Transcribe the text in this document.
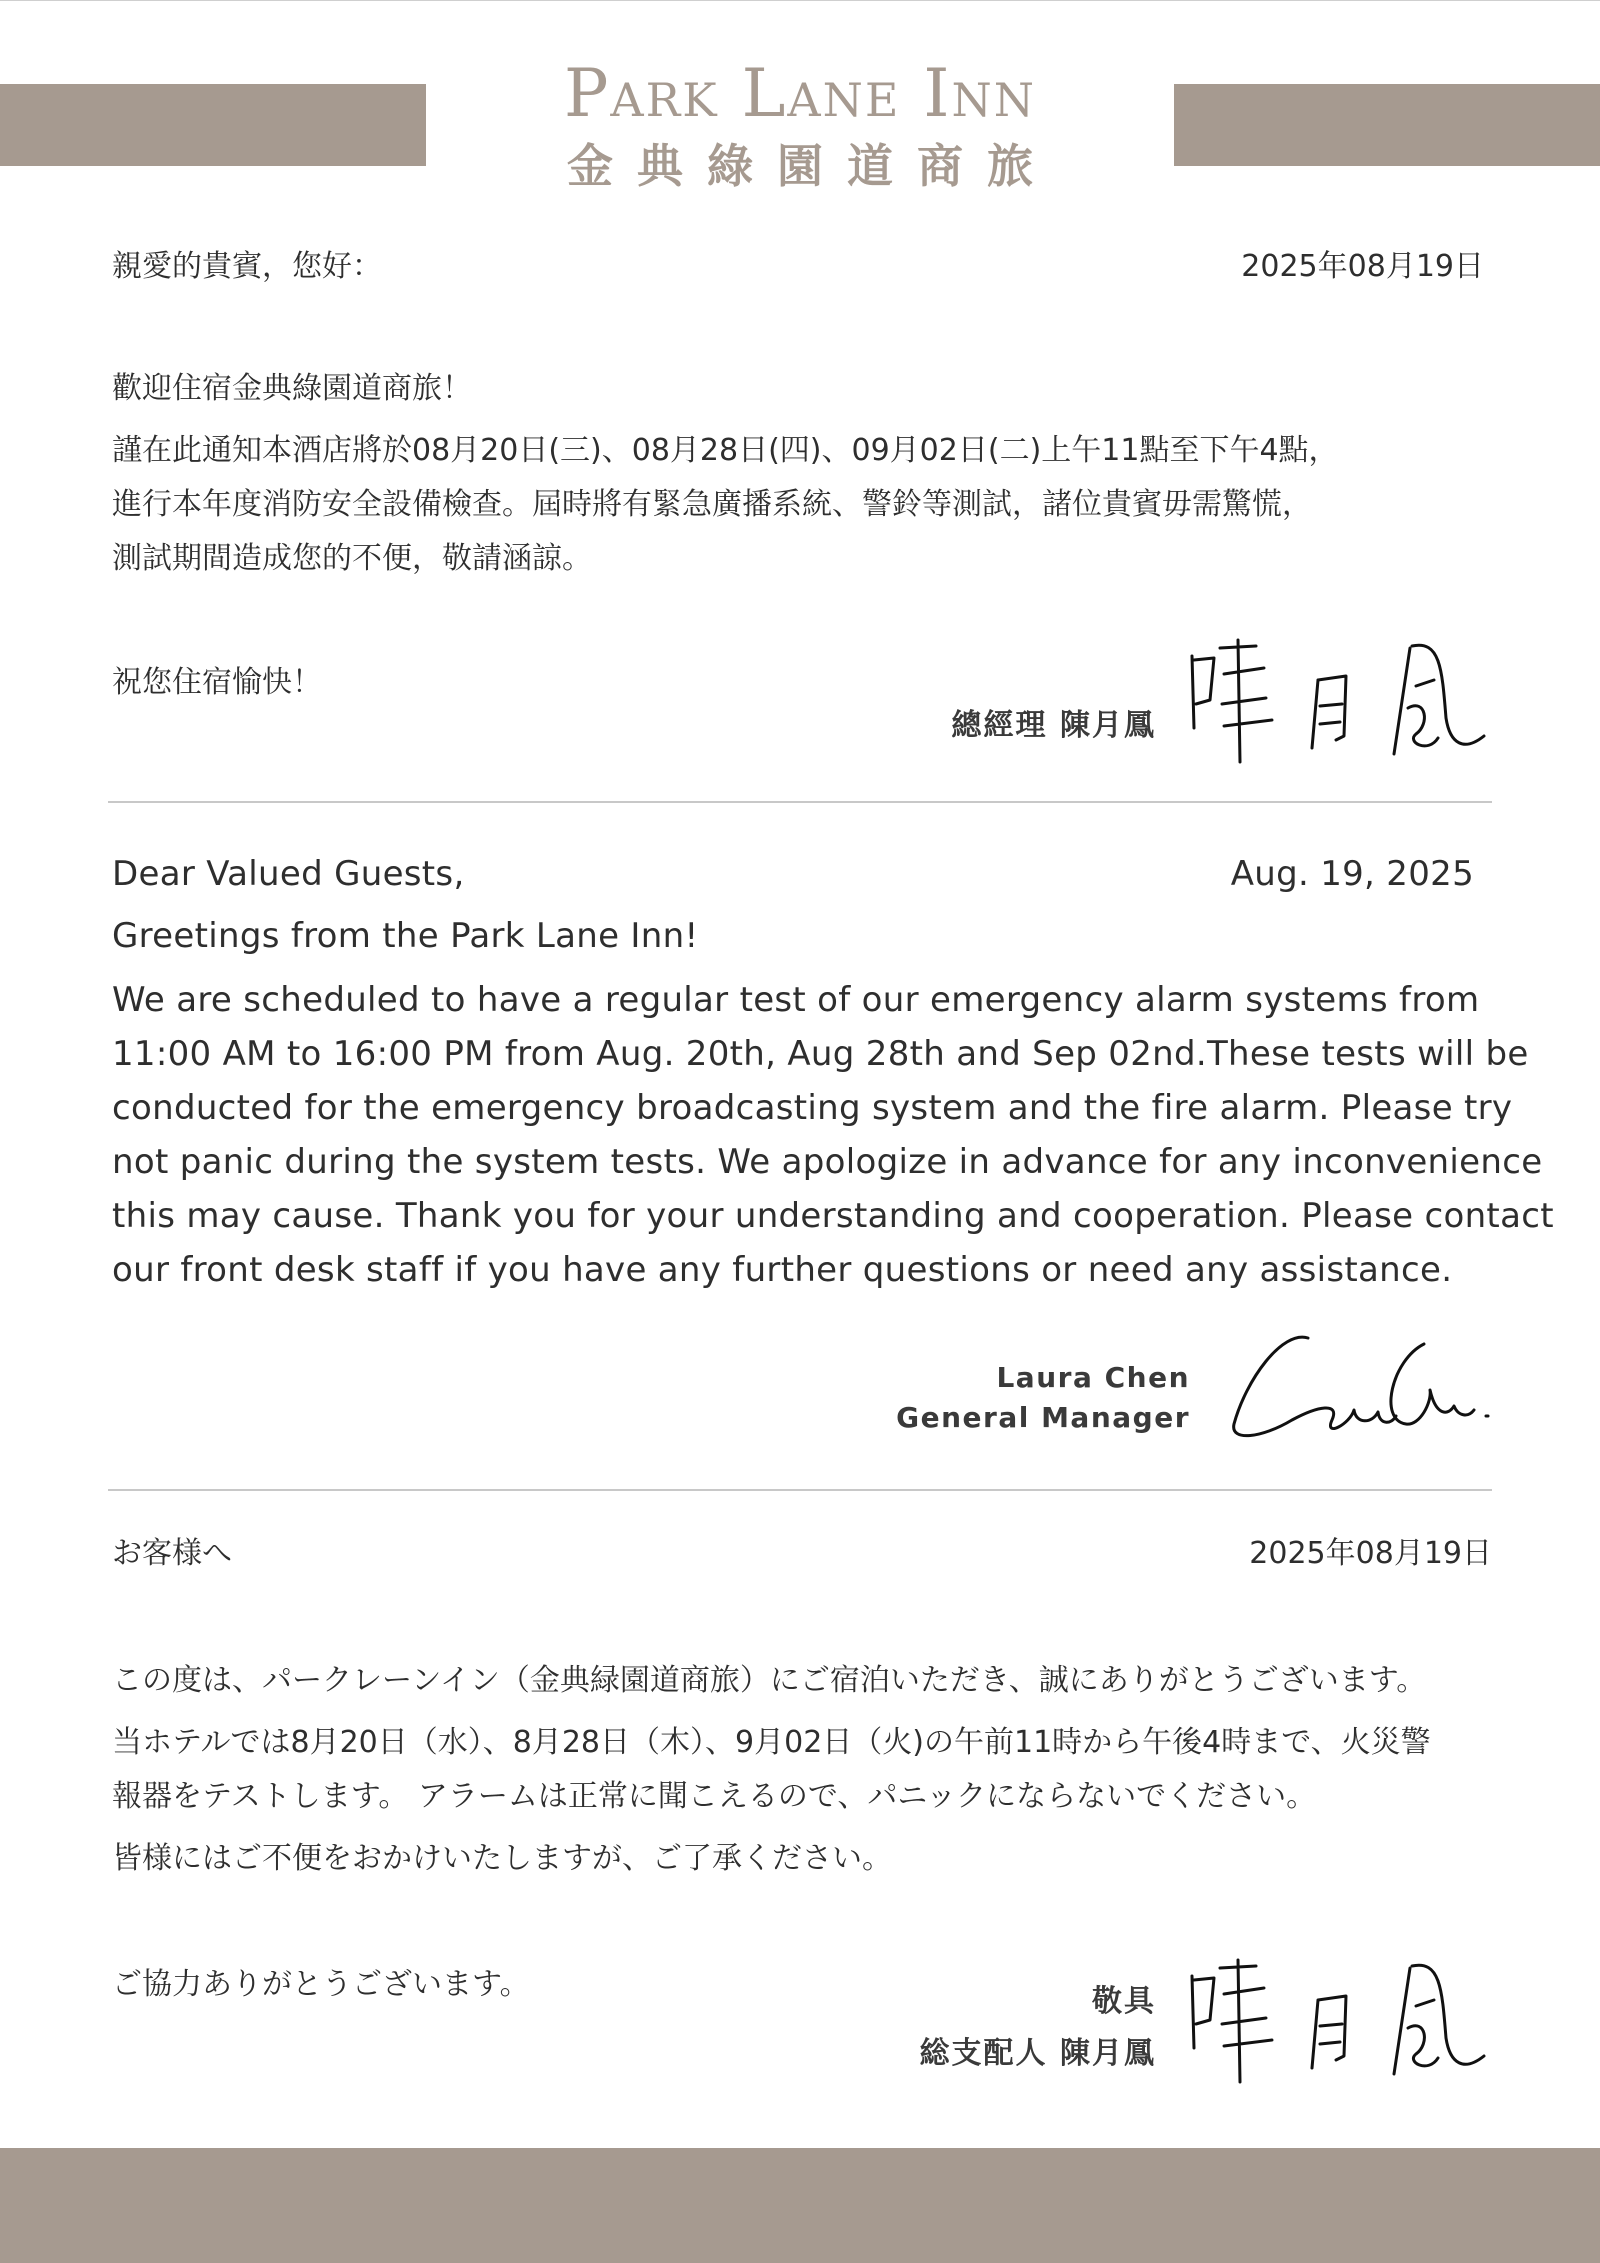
Park Lane Inn
金典綠園道商旅
親愛的貴賓，您好：	2025年08月19日
歡迎住宿金典綠園道商旅！
謹在此通知本酒店將於08月20日(三)、08月28日(四)、09月02日(二)上午11點至下午4點，
進行本年度消防安全設備檢查。屆時將有緊急廣播系統、警鈴等測試，諸位貴賓毋需驚慌，
測試期間造成您的不便，敬請涵諒。
祝您住宿愉快！
總經理 陳月鳳
Dear Valued Guests,	Aug. 19, 2025
Greetings from the Park Lane Inn!
We are scheduled to have a regular test of our emergency alarm systems from
11:00 AM to 16:00 PM from Aug. 20th, Aug 28th and Sep 02nd.These tests will be
conducted for the emergency broadcasting system and the fire alarm. Please try
not panic during the system tests. We apologize in advance for any inconvenience
this may cause. Thank you for your understanding and cooperation. Please contact
our front desk staff if you have any further questions or need any assistance.
Laura Chen
General Manager
お客様へ	2025年08月19日
この度は、パークレーンイン（金典緑園道商旅）にご宿泊いただき、誠にありがとうございます。
当ホテルでは8月20日（水）、8月28日（木）、9月02日（火)の午前11時から午後4時まで、火災警
報器をテストします。 アラームは正常に聞こえるので、パニックにならないでください。
皆様にはご不便をおかけいたしますが、ご了承ください。
ご協力ありがとうございます。	敬具
総支配人 陳月鳳
